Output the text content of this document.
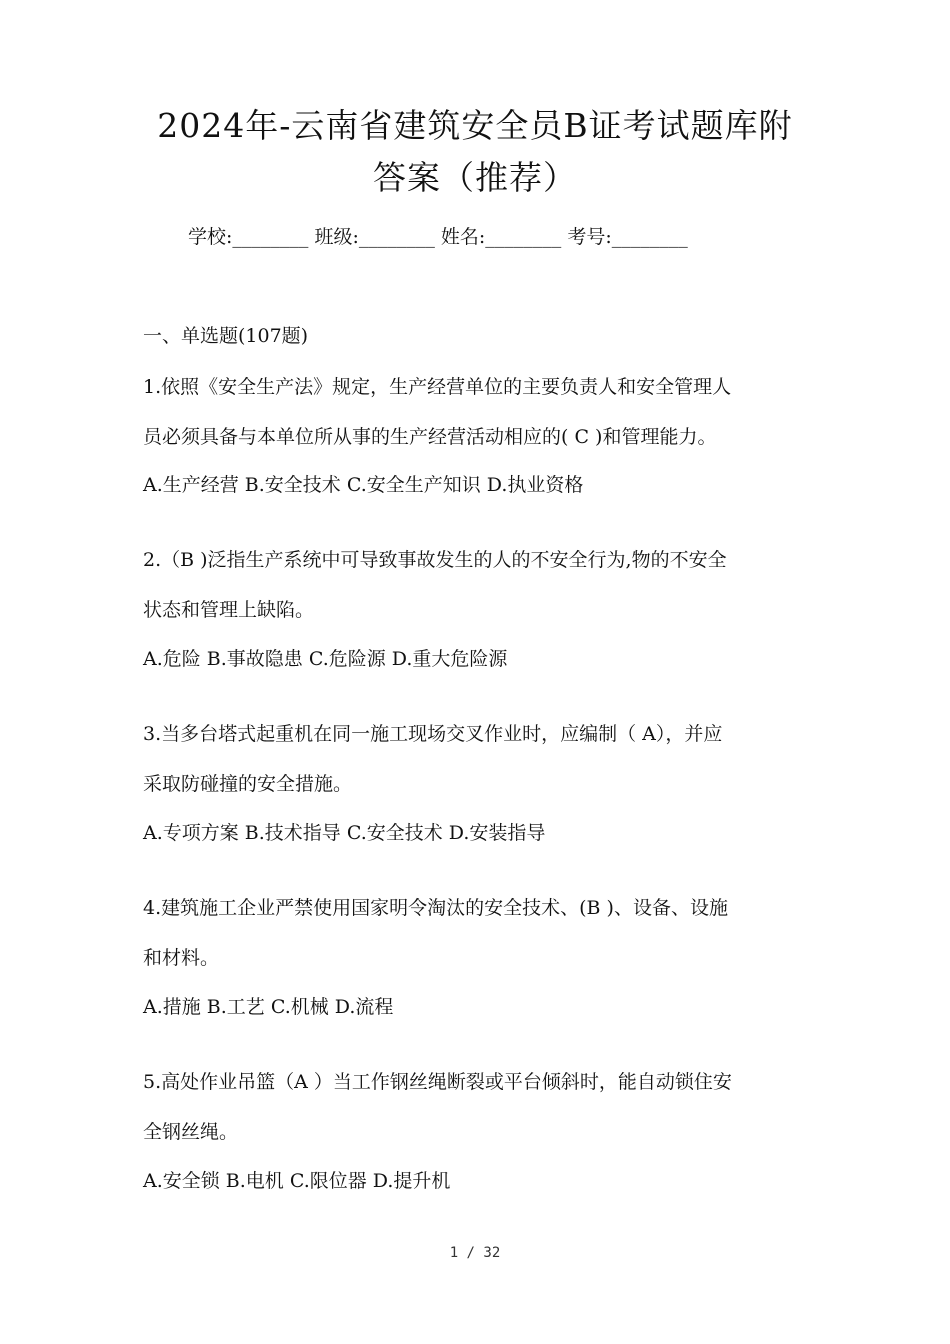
2024年-云南省建筑安全员B证考试题库附
答案（推荐）
学校:________ 班级:________ 姓名:________ 考号:________
一、单选题(107题)
1.依照《安全生产法》规定，生产经营单位的主要负责人和安全管理人
员必须具备与本单位所从事的生产经营活动相应的( C )和管理能力。
A.生产经营 B.安全技术 C.安全生产知识 D.执业资格
2.（B )泛指生产系统中可导致事故发生的人的不安全行为,物的不安全
状态和管理上缺陷。
A.危险 B.事故隐患 C.危险源 D.重大危险源
3.当多台塔式起重机在同一施工现场交叉作业时，应编制（ A），并应
采取防碰撞的安全措施。
A.专项方案 B.技术指导 C.安全技术 D.安装指导
4.建筑施工企业严禁使用国家明令淘汰的安全技术、(B )、设备、设施
和材料。
A.措施 B.工艺 C.机械 D.流程
5.高处作业吊篮（A ）当工作钢丝绳断裂或平台倾斜时，能自动锁住安
全钢丝绳。
A.安全锁 B.电机 C.限位器 D.提升机
1 / 32
